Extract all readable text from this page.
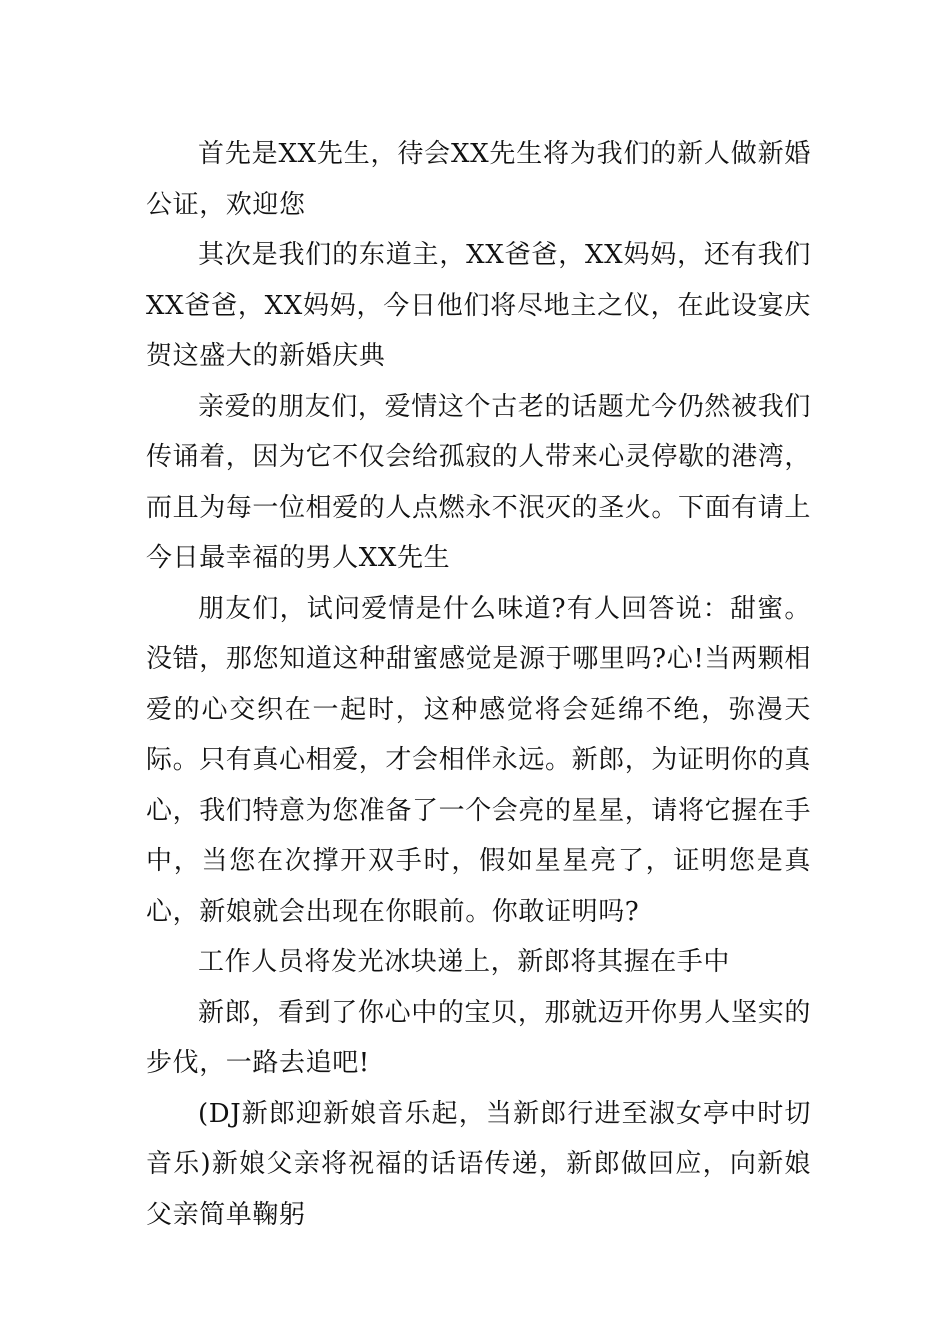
首先是XX先生，待会XX先生将为我们的新人做新婚公证，欢迎您

其次是我们的东道主，XX爸爸，XX妈妈，还有我们XX爸爸，XX妈妈，今日他们将尽地主之仪，在此设宴庆贺这盛大的新婚庆典

亲爱的朋友们，爱情这个古老的话题尤今仍然被我们传诵着，因为它不仅会给孤寂的人带来心灵停歇的港湾，而且为每一位相爱的人点燃永不泯灭的圣火。下面有请上今日最幸福的男人XX先生

朋友们，试问爱情是什么味道?有人回答说：甜蜜。没错，那您知道这种甜蜜感觉是源于哪里吗?心!当两颗相爱的心交织在一起时，这种感觉将会延绵不绝，弥漫天际。只有真心相爱，才会相伴永远。新郎，为证明你的真心，我们特意为您准备了一个会亮的星星，请将它握在手中，当您在次撑开双手时，假如星星亮了，证明您是真心，新娘就会出现在你眼前。你敢证明吗?

工作人员将发光冰块递上，新郎将其握在手中

新郎，看到了你心中的宝贝，那就迈开你男人坚实的步伐，一路去追吧!

(DJ新郎迎新娘音乐起，当新郎行进至淑女亭中时切音乐)新娘父亲将祝福的话语传递，新郎做回应，向新娘父亲简单鞠躬
